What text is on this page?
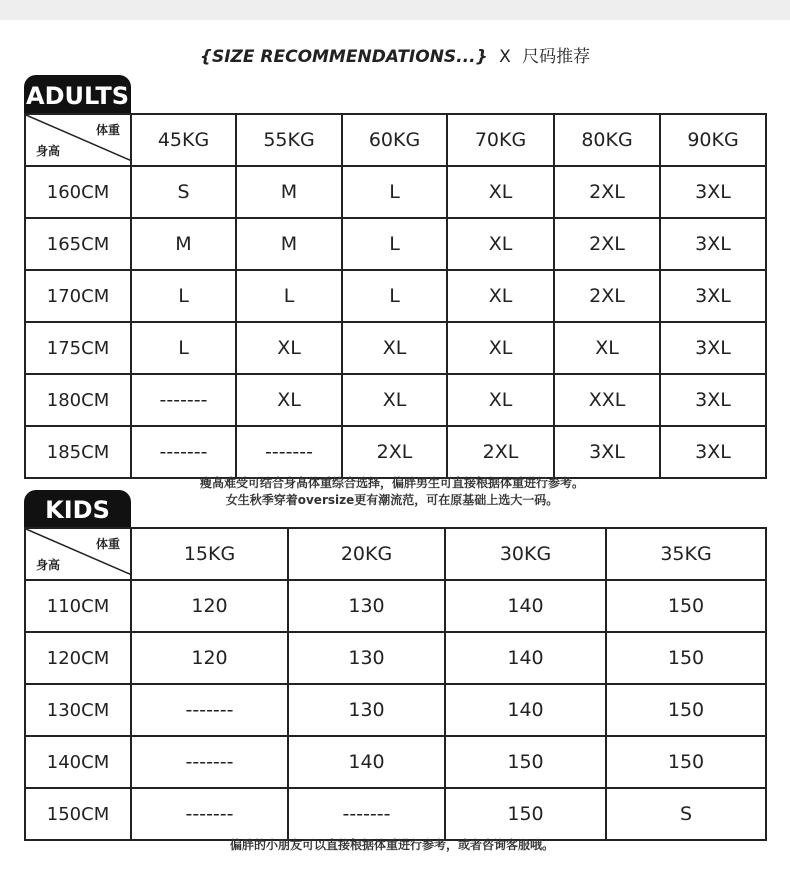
{SIZE RECOMMENDATIONS...} X 尺码推荐
ADULTS
体重
身高	45KG	55KG	60KG	70KG	80KG	90KG
160CM	S	M	L	XL	2XL	3XL
165CM	M	M	L	XL	2XL	3XL
170CM	L	L	L	XL	2XL	3XL
175CM	L	XL	XL	XL	XL	3XL
180CM	-------	XL	XL	XL	XXL	3XL
185CM	-------	-------	2XL	2XL	3XL	3XL
瘦高难受可结合身高体重综合选择，偏胖男生可直接根据体重进行参考。
女生秋季穿着oversize更有潮流范，可在原基础上选大一码。
KIDS
体重
身高	15KG	20KG	30KG	35KG
110CM	120	130	140	150
120CM	120	130	140	150
130CM	-------	130	140	150
140CM	-------	140	150	150
150CM	-------	-------	150	S
偏胖的小朋友可以直接根据体重进行参考，或者咨询客服哦。
